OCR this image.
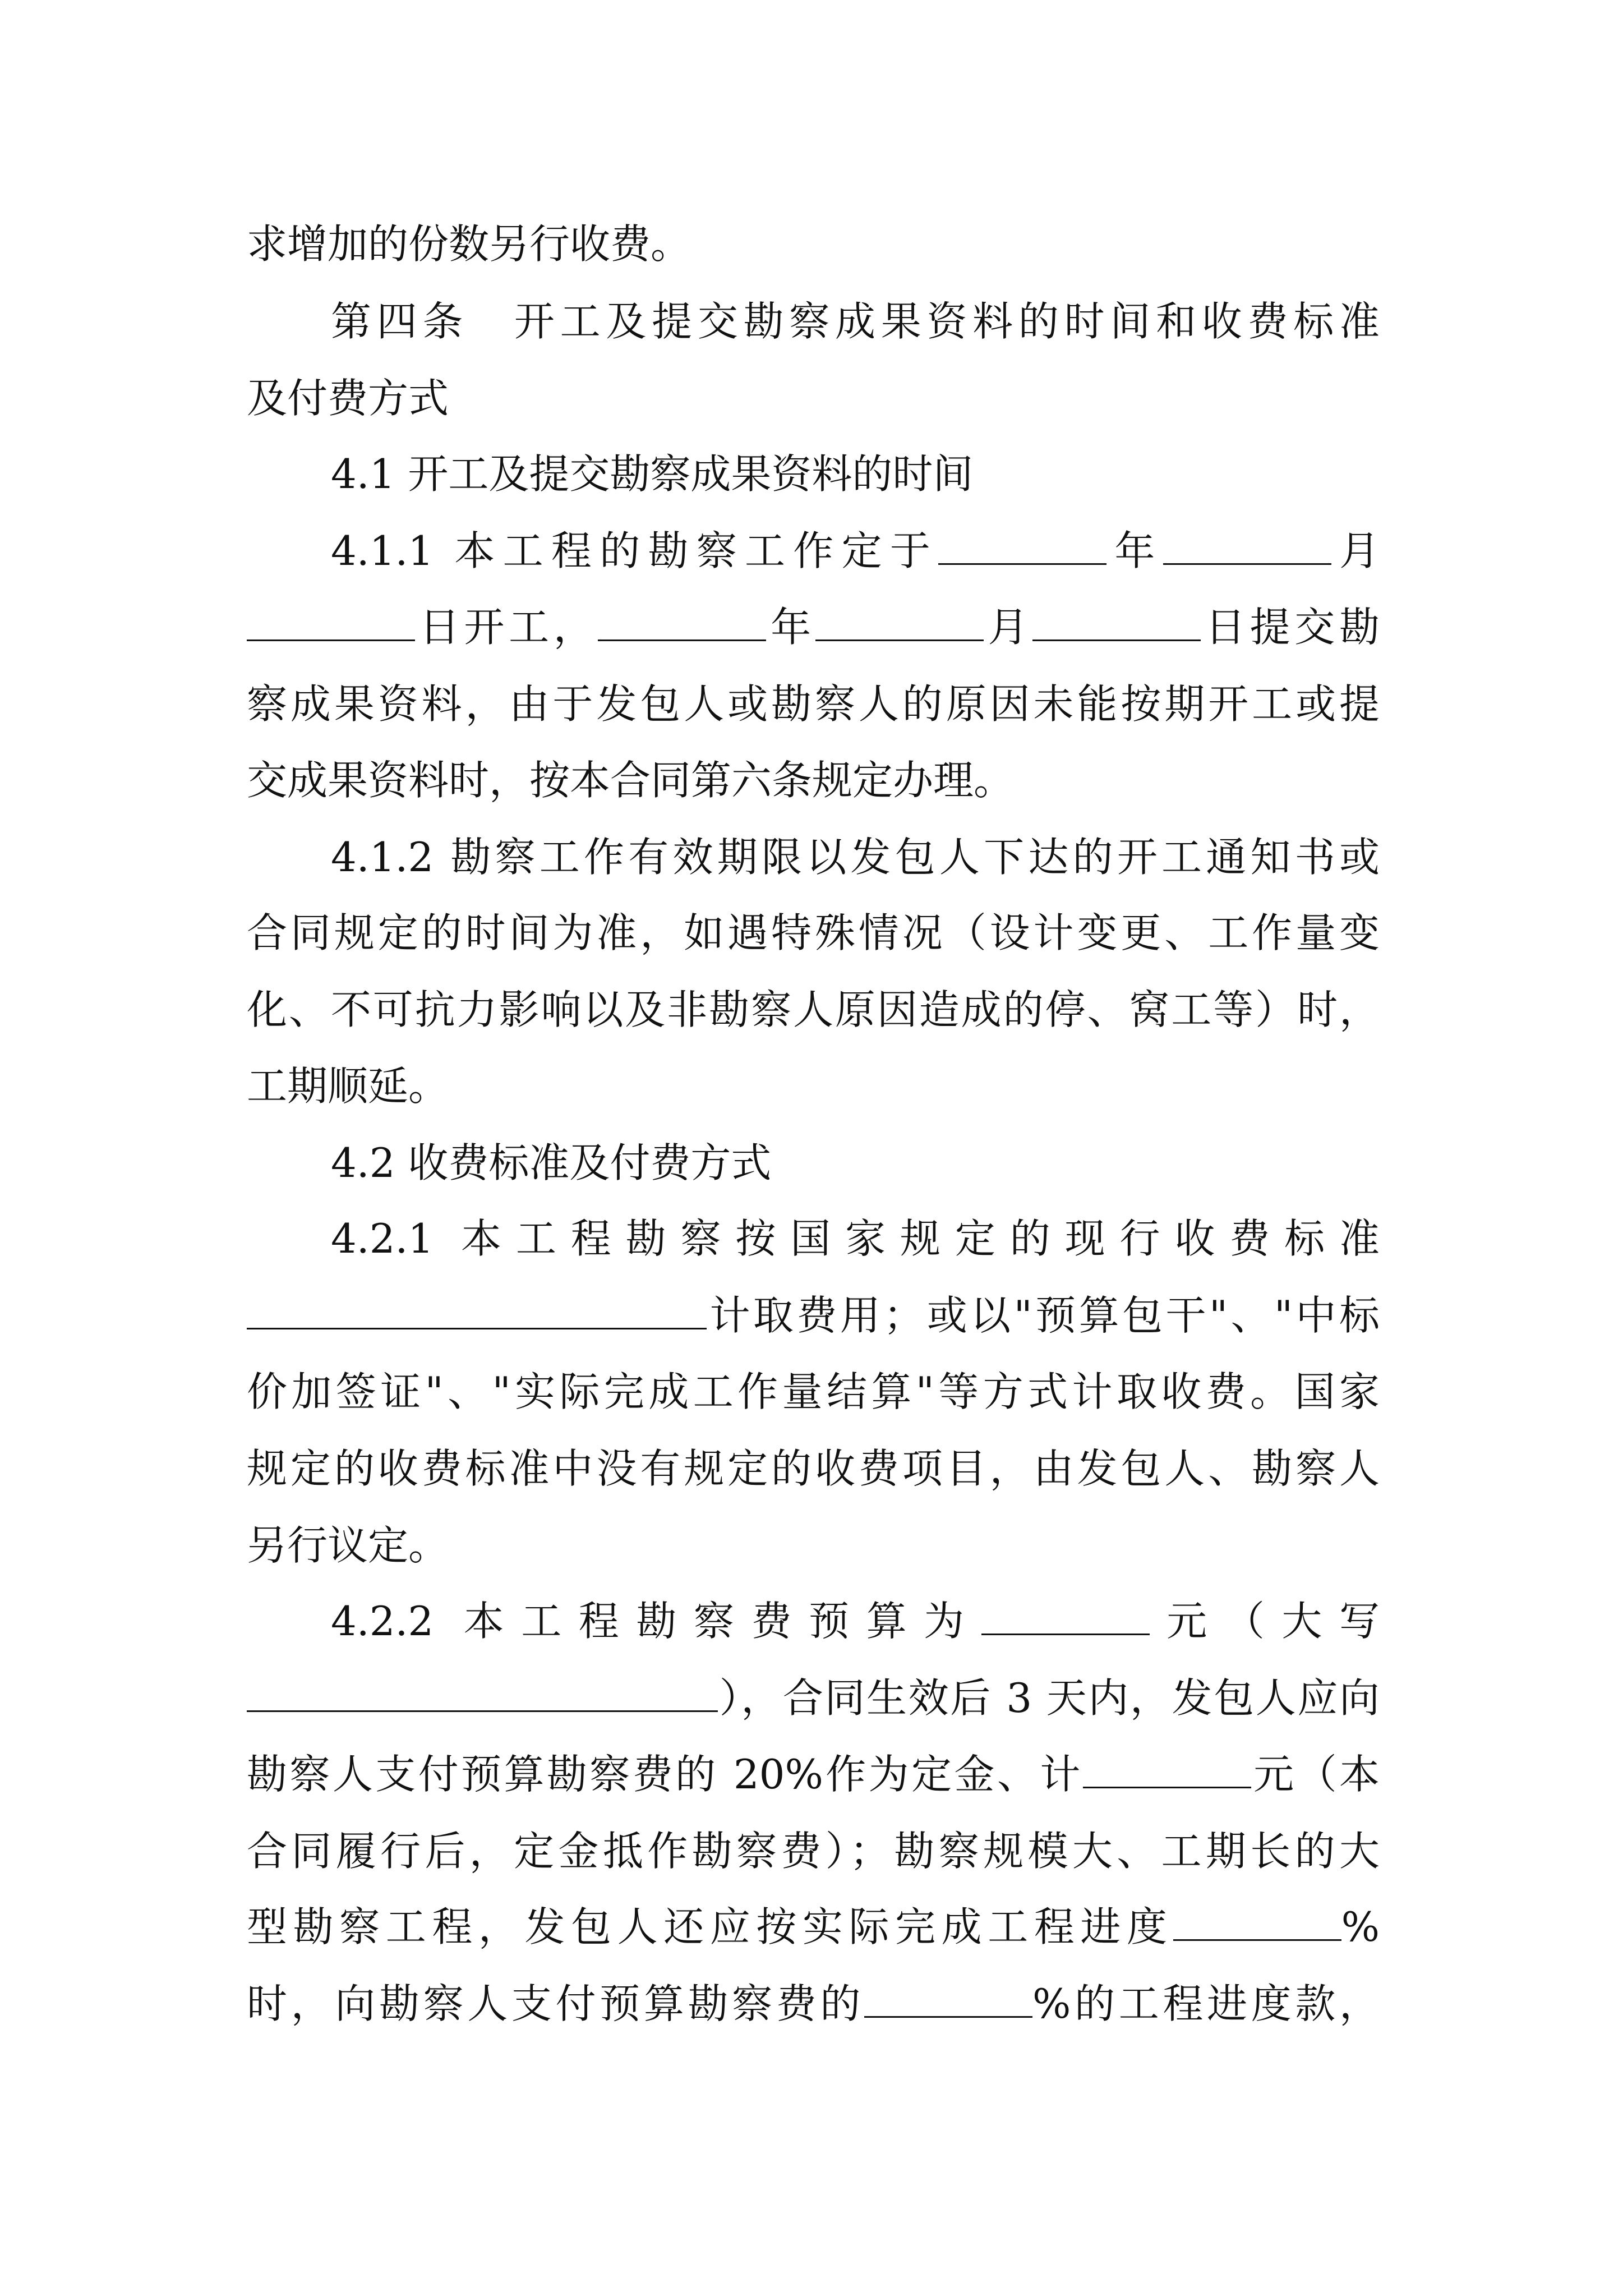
求增加的份数另行收费。
第四条　开工及提交勘察成果资料的时间和收费标准
及付费方式
4.1 开工及提交勘察成果资料的时间
4.1.1 本工程的勘察工作定于	年	月
日开工，	年	月	日提交勘
察成果资料，由于发包人或勘察人的原因未能按期开工或提
交成果资料时，按本合同第六条规定办理。
4.1.2 勘察工作有效期限以发包人下达的开工通知书或
合同规定的时间为准，如遇特殊情况（设计变更、工作量变
化、不可抗力影响以及非勘察人原因造成的停、窝工等）时，
工期顺延。
4.2 收费标准及付费方式
4.2.1 本工程勘察按国家规定的现行收费标准
计取费用；或以"预算包干"、"中标
价加签证"、"实际完成工作量结算"等方式计取收费。国家
规定的收费标准中没有规定的收费项目，由发包人、勘察人
另行议定。
4.2.2 本工程勘察费预算为	元（大写
），合同生效后 3 天内，发包人应向
勘察人支付预算勘察费的 20%作为定金、计	元（本
合同履行后，定金抵作勘察费）；勘察规模大、工期长的大
型勘察工程，发包人还应按实际完成工程进度	%
时，向勘察人支付预算勘察费的	%的工程进度款，
